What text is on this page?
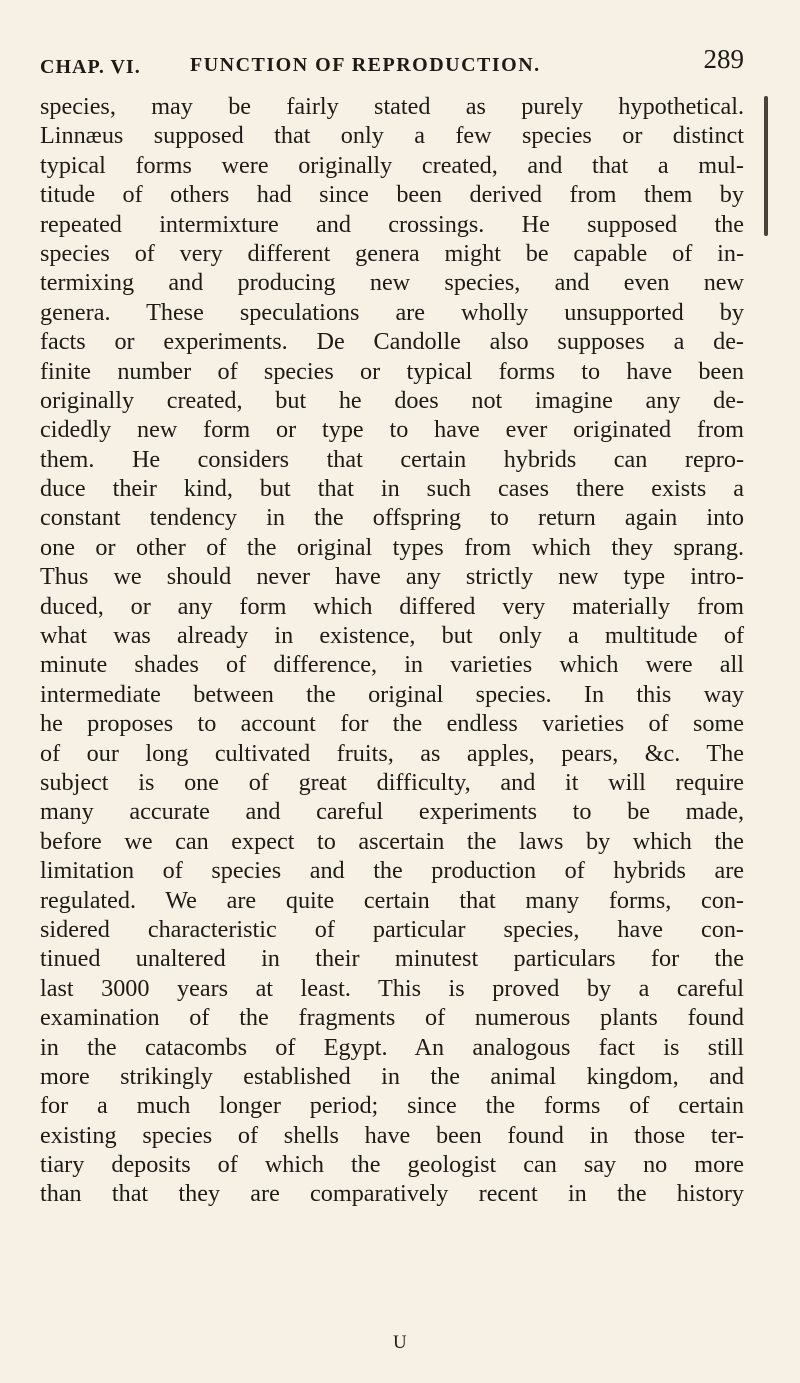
CHAP. VI. FUNCTION OF REPRODUCTION.	289
species, may be fairly stated as purely hypothetical.
Linnæus supposed that only a few species or distinct
typical forms were originally created, and that a mul-
titude of others had since been derived from them by
repeated intermixture and crossings. He supposed the
species of very different genera might be capable of in-
termixing and producing new species, and even new
genera. These speculations are wholly unsupported by
facts or experiments. De Candolle also supposes a de-
finite number of species or typical forms to have been
originally created, but he does not imagine any de-
cidedly new form or type to have ever originated from
them. He considers that certain hybrids can repro-
duce their kind, but that in such cases there exists a
constant tendency in the offspring to return again into
one or other of the original types from which they sprang.
Thus we should never have any strictly new type intro-
duced, or any form which differed very materially from
what was already in existence, but only a multitude of
minute shades of difference, in varieties which were all
intermediate between the original species. In this way
he proposes to account for the endless varieties of some
of our long cultivated fruits, as apples, pears, &c. The
subject is one of great difficulty, and it will require
many accurate and careful experiments to be made,
before we can expect to ascertain the laws by which the
limitation of species and the production of hybrids are
regulated. We are quite certain that many forms, con-
sidered characteristic of particular species, have con-
tinued unaltered in their minutest particulars for the
last 3000 years at least. This is proved by a careful
examination of the fragments of numerous plants found
in the catacombs of Egypt. An analogous fact is still
more strikingly established in the animal kingdom, and
for a much longer period; since the forms of certain
existing species of shells have been found in those ter-
tiary deposits of which the geologist can say no more
than that they are comparatively recent in the history
U
